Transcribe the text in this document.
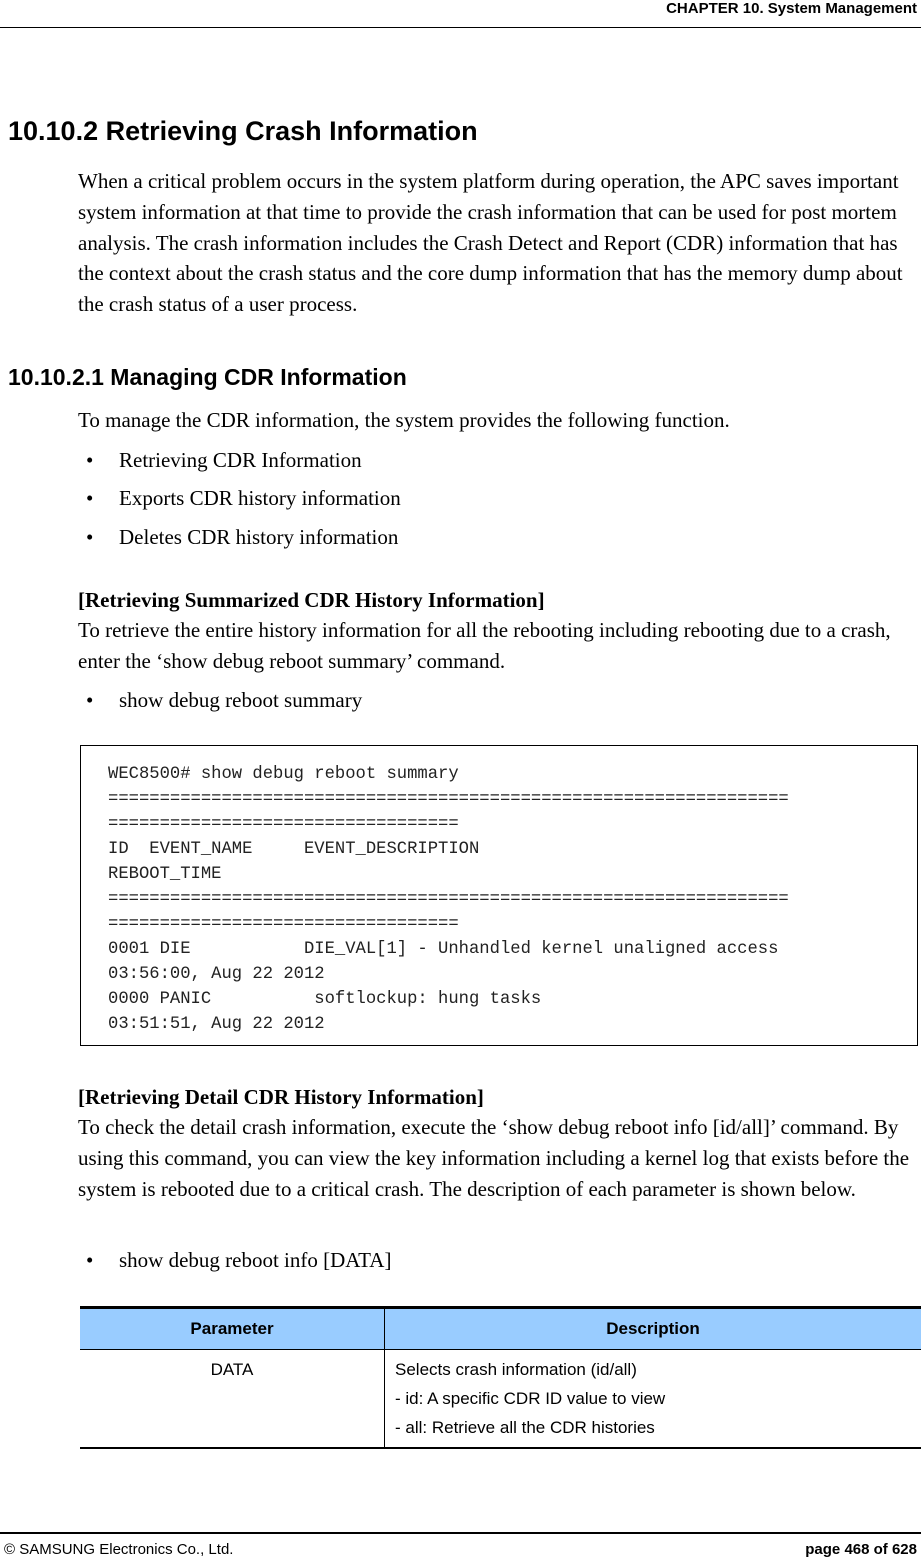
CHAPTER 10. System Management
10.10.2 Retrieving Crash Information

When a critical problem occurs in the system platform during operation, the APC saves important system information at that time to provide the crash information that can be used for post mortem analysis. The crash information includes the Crash Detect and Report (CDR) information that has the context about the crash status and the core dump information that has the memory dump about the crash status of a user process.

10.10.2.1 Managing CDR Information

To manage the CDR information, the system provides the following function.

• Retrieving CDR Information
• Exports CDR history information
• Deletes CDR history information
[Retrieving Summarized CDR History Information]

To retrieve the entire history information for all the rebooting including rebooting due to a crash, enter the ‘show debug reboot summary’ command.

• show debug reboot summary
WEC8500# show debug reboot summary
==================================================================
==================================
ID  EVENT_NAME     EVENT_DESCRIPTION
REBOOT_TIME
==================================================================
==================================
0001 DIE           DIE_VAL[1] - Unhandled kernel unaligned access
03:56:00, Aug 22 2012
0000 PANIC          softlockup: hung tasks
03:51:51, Aug 22 2012
[Retrieving Detail CDR History Information]

To check the detail crash information, execute the ‘show debug reboot info [id/all]’ command. By using this command, you can view the key information including a kernel log that exists before the system is rebooted due to a critical crash. The description of each parameter is shown below.

• show debug reboot info [DATA]
Parameter	Description
DATA	Selects crash information (id/all)
- id: A specific CDR ID value to view
- all: Retrieve all the CDR histories
© SAMSUNG Electronics Co., Ltd.	page 468 of 628
